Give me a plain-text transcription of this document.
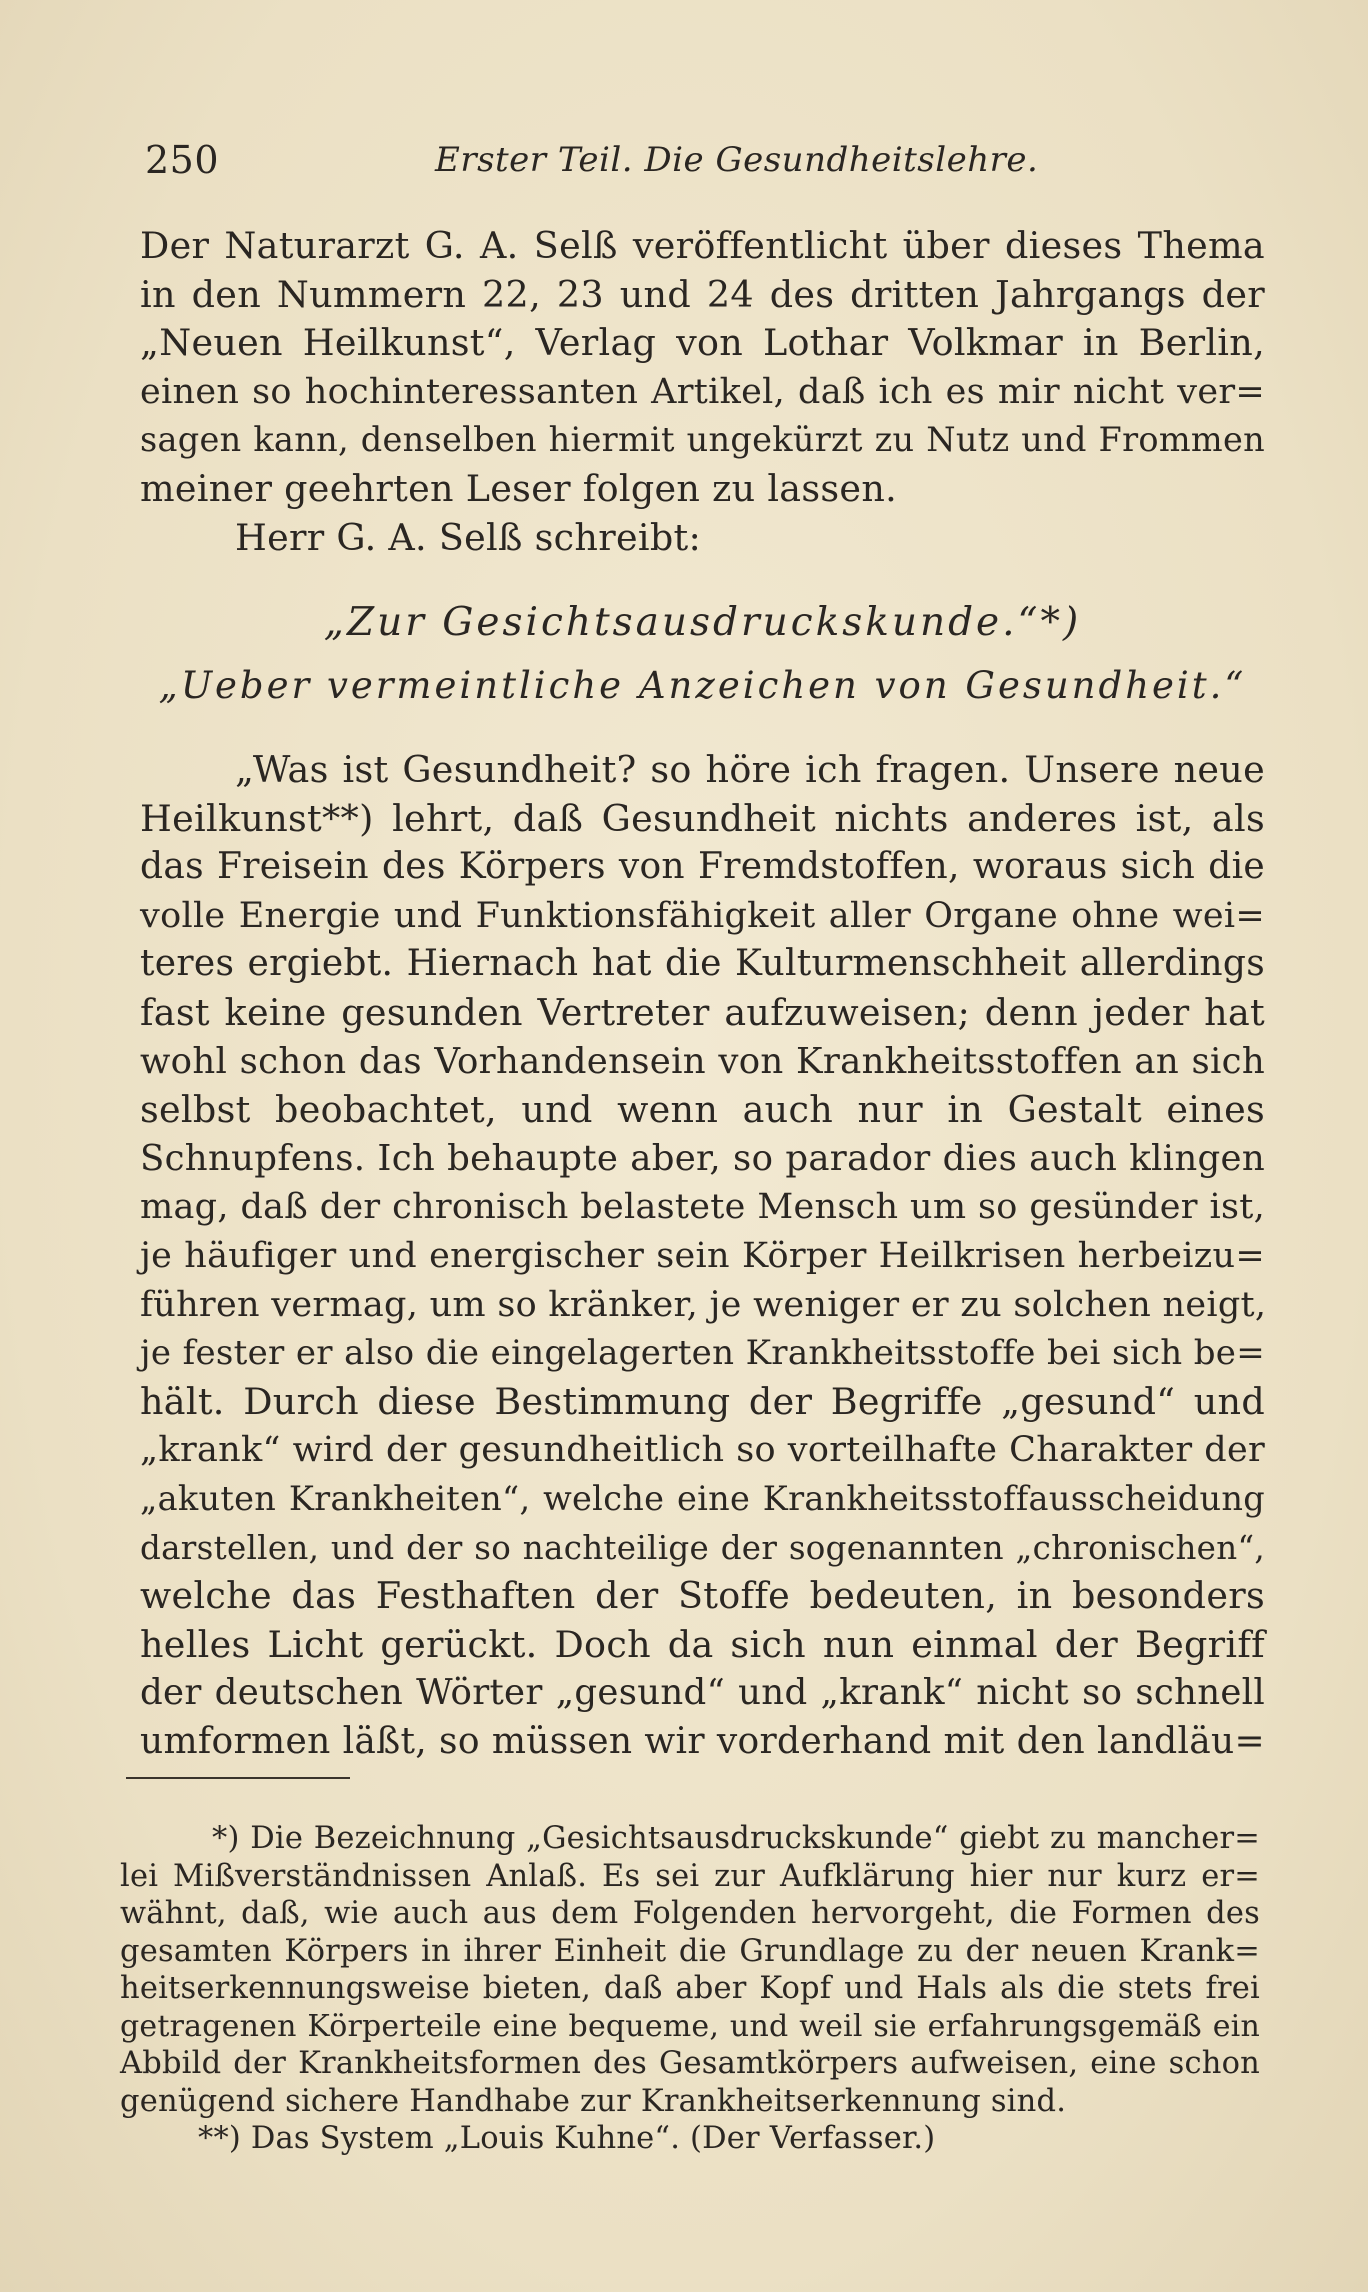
250	Erster Teil. Die Gesundheitslehre.
Der Naturarzt G. A. Selß veröffentlicht über dieses Thema
in den Nummern 22, 23 und 24 des dritten Jahrgangs der
„Neuen Heilkunst“, Verlag von Lothar Volkmar in Berlin,
einen so hochinteressanten Artikel, daß ich es mir nicht ver=
sagen kann, denselben hiermit ungekürzt zu Nutz und Frommen
meiner geehrten Leser folgen zu lassen.
Herr G. A. Selß schreibt:
„Zur Gesichtsausdruckskunde.“*)
„Ueber vermeintliche Anzeichen von Gesundheit.“
„Was ist Gesundheit? so höre ich fragen. Unsere neue
Heilkunst**) lehrt, daß Gesundheit nichts anderes ist, als
das Freisein des Körpers von Fremdstoffen, woraus sich die
volle Energie und Funktionsfähigkeit aller Organe ohne wei=
teres ergiebt. Hiernach hat die Kulturmenschheit allerdings
fast keine gesunden Vertreter aufzuweisen; denn jeder hat
wohl schon das Vorhandensein von Krankheitsstoffen an sich
selbst beobachtet, und wenn auch nur in Gestalt eines
Schnupfens. Ich behaupte aber, so parador dies auch klingen
mag, daß der chronisch belastete Mensch um so gesünder ist,
je häufiger und energischer sein Körper Heilkrisen herbeizu=
führen vermag, um so kränker, je weniger er zu solchen neigt,
je fester er also die eingelagerten Krankheitsstoffe bei sich be=
hält. Durch diese Bestimmung der Begriffe „gesund“ und
„krank“ wird der gesundheitlich so vorteilhafte Charakter der
„akuten Krankheiten“, welche eine Krankheitsstoffausscheidung
darstellen, und der so nachteilige der sogenannten „chronischen“,
welche das Festhaften der Stoffe bedeuten, in besonders
helles Licht gerückt. Doch da sich nun einmal der Begriff
der deutschen Wörter „gesund“ und „krank“ nicht so schnell
umformen läßt, so müssen wir vorderhand mit den landläu=
*) Die Bezeichnung „Gesichtsausdruckskunde“ giebt zu mancher=
lei Mißverständnissen Anlaß. Es sei zur Aufklärung hier nur kurz er=
wähnt, daß, wie auch aus dem Folgenden hervorgeht, die Formen des
gesamten Körpers in ihrer Einheit die Grundlage zu der neuen Krank=
heitserkennungsweise bieten, daß aber Kopf und Hals als die stets frei
getragenen Körperteile eine bequeme, und weil sie erfahrungsgemäß ein
Abbild der Krankheitsformen des Gesamtkörpers aufweisen, eine schon
genügend sichere Handhabe zur Krankheitserkennung sind.
**) Das System „Louis Kuhne“. (Der Verfasser.)
